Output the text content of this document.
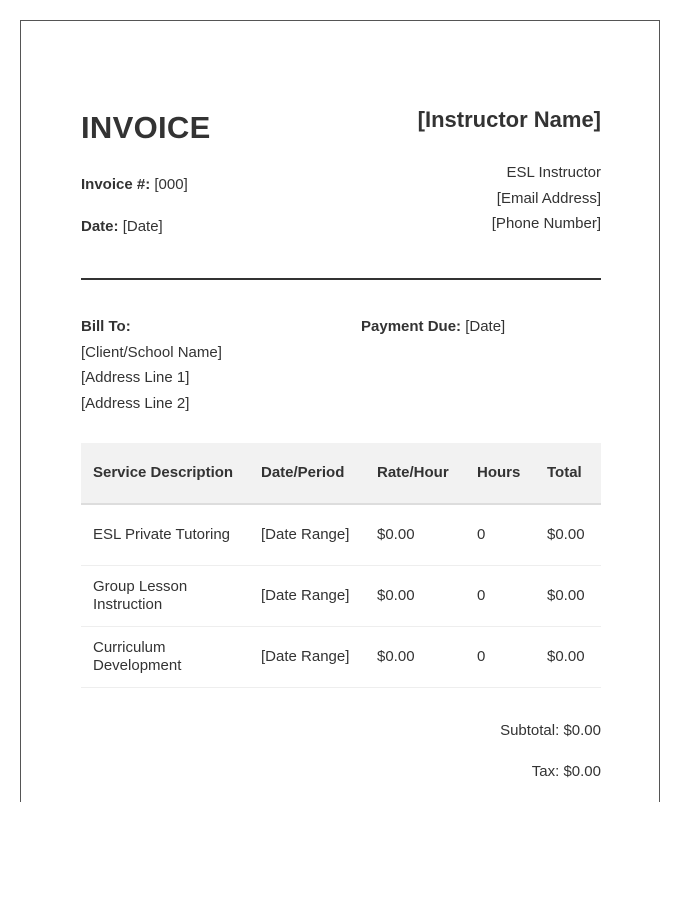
INVOICE
Invoice #: [000]
Date: [Date]
[Instructor Name]
ESL Instructor
[Email Address]
[Phone Number]
Bill To:
[Client/School Name]
[Address Line 1]
[Address Line 2]
Payment Due: [Date]
Service Description	Date/Period	Rate/Hour	Hours	Total
ESL Private Tutoring	[Date Range]	$0.00	0	$0.00
Group Lesson Instruction	[Date Range]	$0.00	0	$0.00
Curriculum Development	[Date Range]	$0.00	0	$0.00
Subtotal: $0.00
Tax: $0.00
